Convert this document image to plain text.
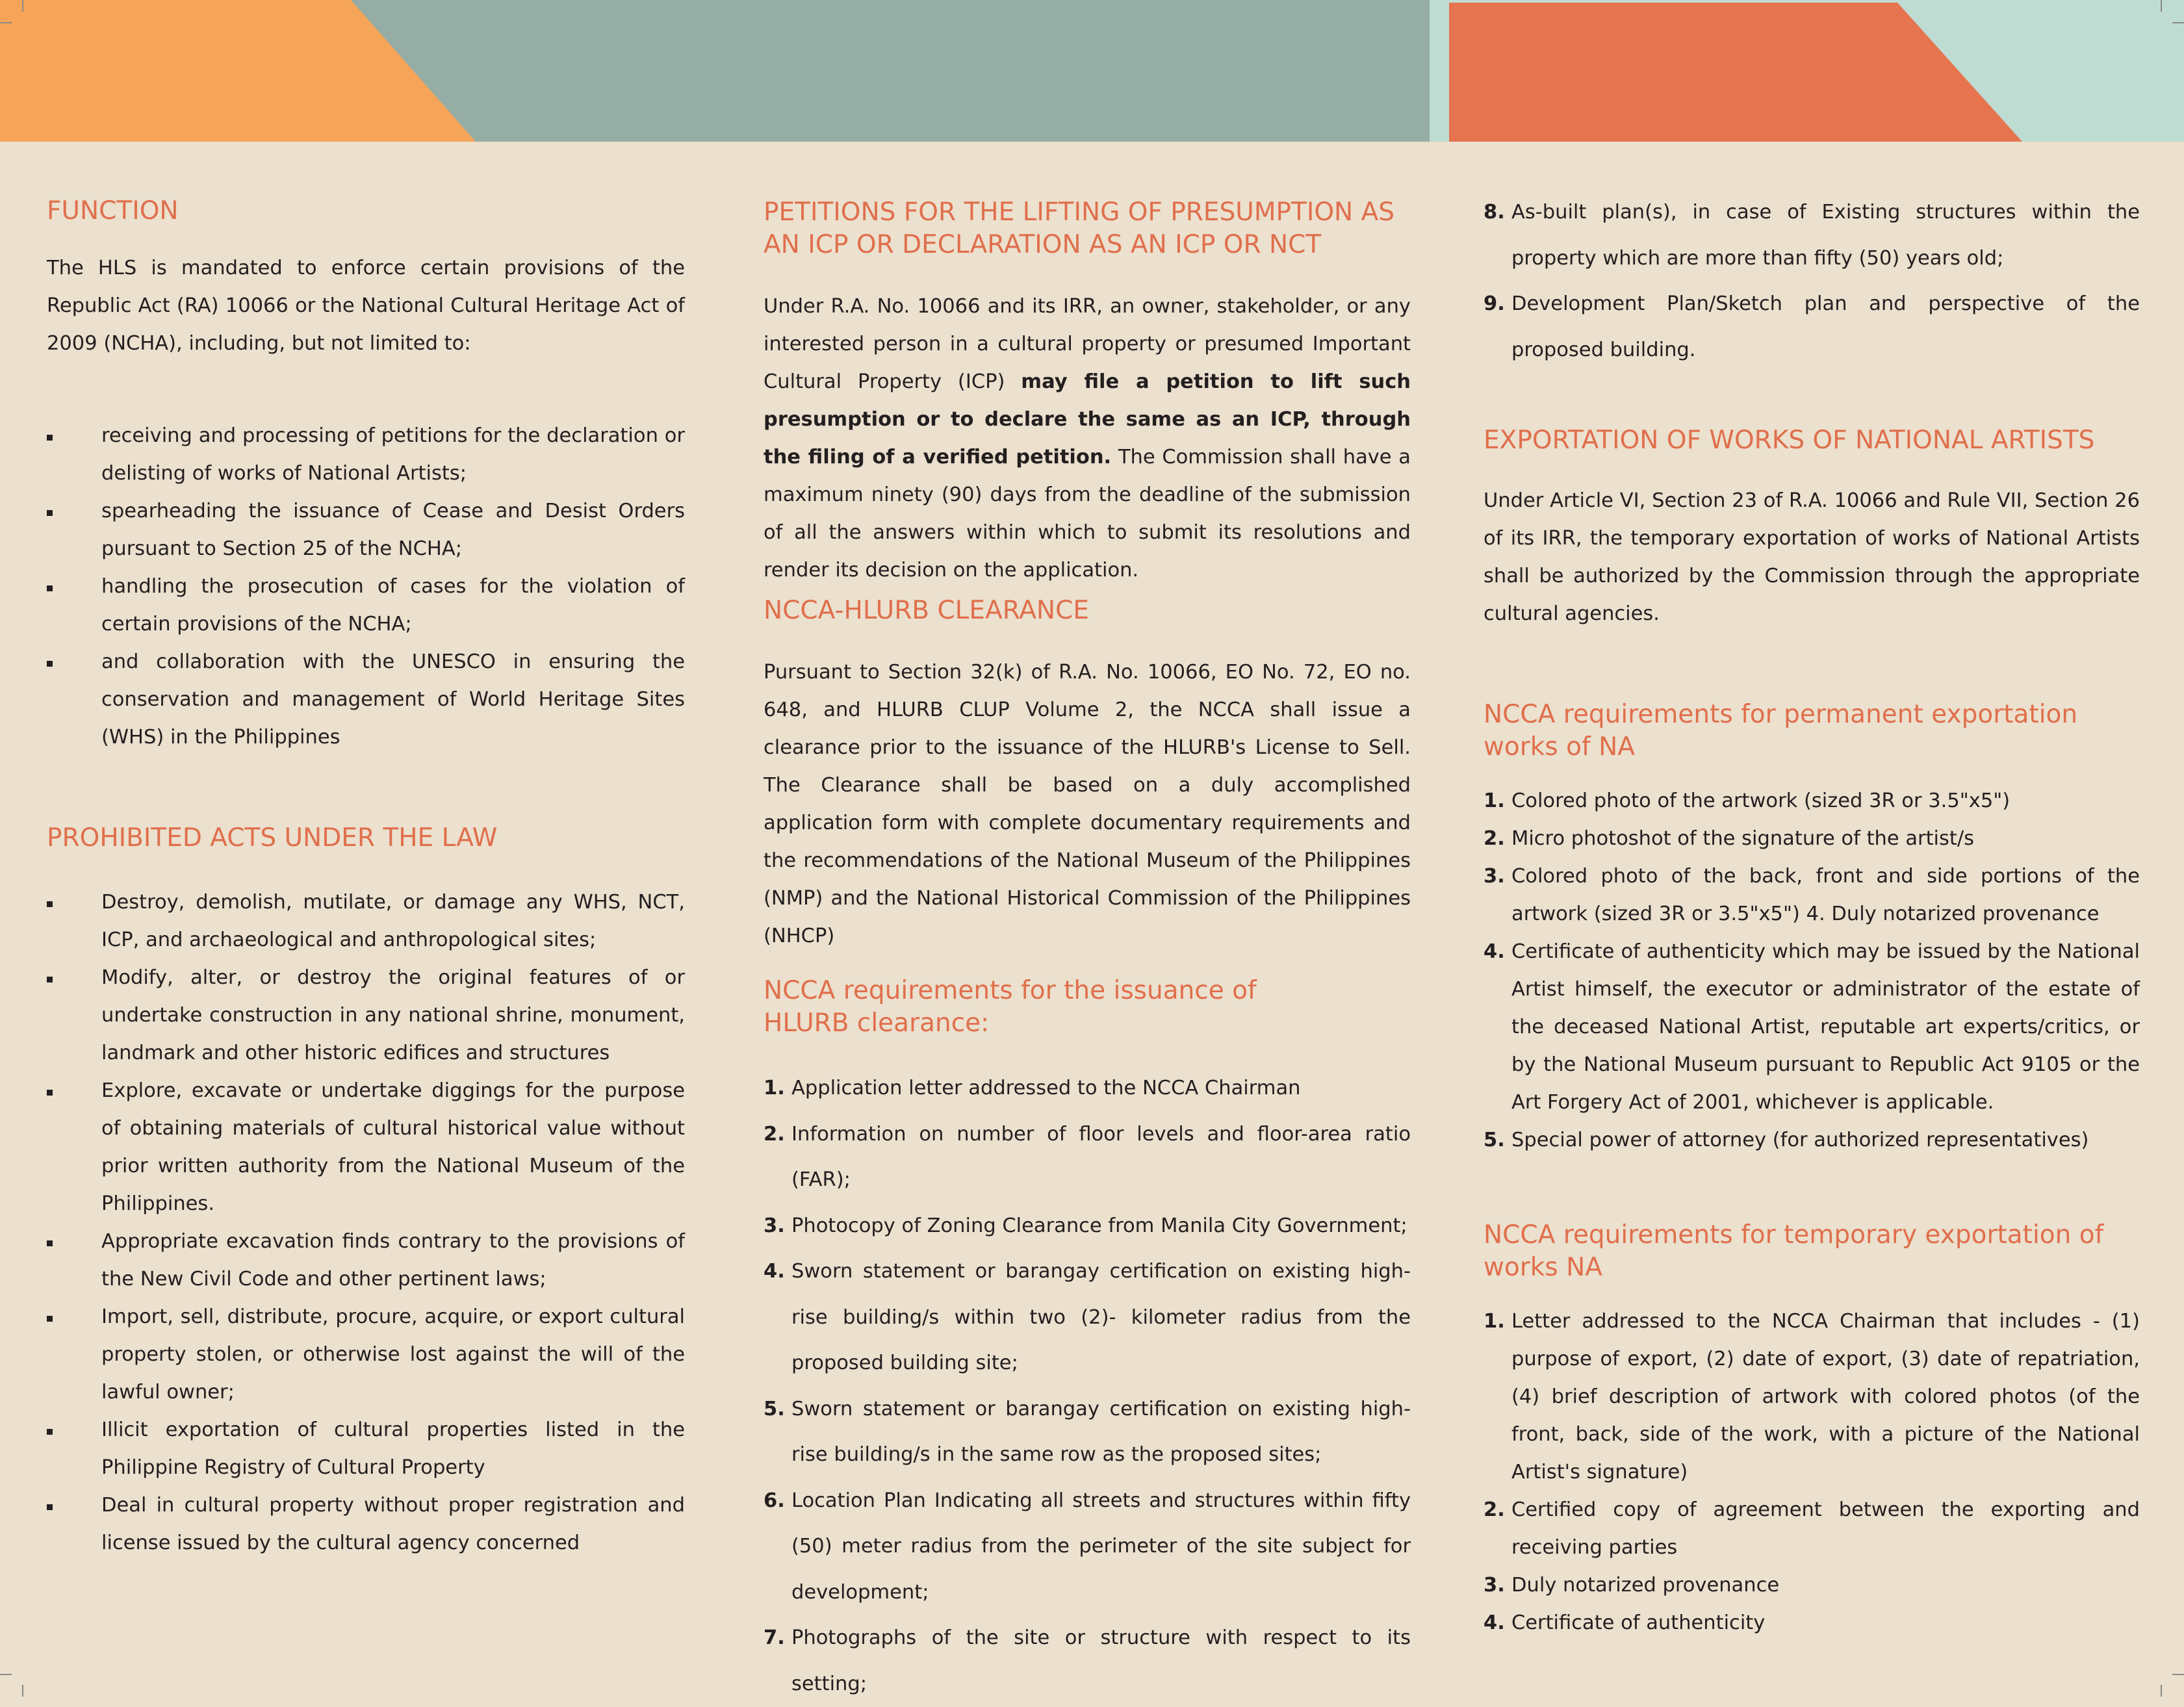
FUNCTION

The HLS is mandated to enforce certain provisions of the Republic Act (RA) 10066 or the National Cultural Heritage Act of 2009 (NCHA), including, but not limited to:

receiving and processing of petitions for the declaration or delisting of works of National Artists;
spearheading the issuance of Cease and Desist Orders pursuant to Section 25 of the NCHA;
handling the prosecution of cases for the violation of certain provisions of the NCHA;
and collaboration with the UNESCO in ensuring the conservation and management of World Heritage Sites (WHS) in the Philippines
PROHIBITED ACTS UNDER THE LAW
Destroy, demolish, mutilate, or damage any WHS, NCT, ICP, and archaeological and anthropological sites;
Modify, alter, or destroy the original features of or undertake construction in any national shrine, monument, landmark and other historic edifices and structures
Explore, excavate or undertake diggings for the purpose of obtaining materials of cultural historical value without prior written authority from the National Museum of the Philippines.
Appropriate excavation finds contrary to the provisions of the New Civil Code and other pertinent laws;
Import, sell, distribute, procure, acquire, or export cultural property stolen, or otherwise lost against the will of the lawful owner;
Illicit exportation of cultural properties listed in the Philippine Registry of Cultural Property
Deal in cultural property without proper registration and license issued by the cultural agency concerned
PETITIONS FOR THE LIFTING OF PRESUMPTION AS
AN ICP OR DECLARATION AS AN ICP OR NCT

Under R.A. No. 10066 and its IRR, an owner, stakeholder, or any interested person in a cultural property or presumed Important Cultural Property (ICP) may file a petition to lift such presumption or to declare the same as an ICP, through the filing of a verified petition. The Commission shall have a maximum ninety (90) days from the deadline of the submission of all the answers within which to submit its resolutions and render its decision on the application.

NCCA-HLURB CLEARANCE

Pursuant to Section 32(k) of R.A. No. 10066, EO No. 72, EO no. 648, and HLURB CLUP Volume 2, the NCCA shall issue a clearance prior to the issuance of the HLURB's License to Sell. The Clearance shall be based on a duly accomplished application form with complete documentary requirements and the recommendations of the National Museum of the Philippines (NMP) and the National Historical Commission of the Philippines (NHCP)

NCCA requirements for the issuance of
HLURB clearance:
1. Application letter addressed to the NCCA Chairman
2. Information on number of floor levels and floor-area ratio (FAR);
3. Photocopy of Zoning Clearance from Manila City Government;
4. Sworn statement or barangay certification on existing high-rise building/s within two (2)- kilometer radius from the proposed building site;
5. Sworn statement or barangay certification on existing high-rise building/s in the same row as the proposed sites;
6. Location Plan Indicating all streets and structures within fifty (50) meter radius from the perimeter of the site subject for development;
7. Photographs of the site or structure with respect to its setting;
8. As-built plan(s), in case of Existing structures within the property which are more than fifty (50) years old;
9. Development Plan/Sketch plan and perspective of the proposed building.
EXPORTATION OF WORKS OF NATIONAL ARTISTS

Under Article VI, Section 23 of R.A. 10066 and Rule VII, Section 26 of its IRR, the temporary exportation of works of National Artists shall be authorized by the Commission through the appropriate cultural agencies.

NCCA requirements for permanent exportation
works of NA
1. Colored photo of the artwork (sized 3R or 3.5"x5")
2. Micro photoshot of the signature of the artist/s
3. Colored photo of the back, front and side portions of the artwork (sized 3R or 3.5"x5") 4. Duly notarized provenance
4. Certificate of authenticity which may be issued by the National Artist himself, the executor or administrator of the estate of the deceased National Artist, reputable art experts/critics, or by the National Museum pursuant to Republic Act 9105 or the Art Forgery Act of 2001, whichever is applicable.
5. Special power of attorney (for authorized representatives)
NCCA requirements for temporary exportation of
works NA
1. Letter addressed to the NCCA Chairman that includes - (1) purpose of export, (2) date of export, (3) date of repatriation, (4) brief description of artwork with colored photos (of the front, back, side of the work, with a picture of the National Artist's signature)
2. Certified copy of agreement between the exporting and receiving parties
3. Duly notarized provenance
4. Certificate of authenticity
